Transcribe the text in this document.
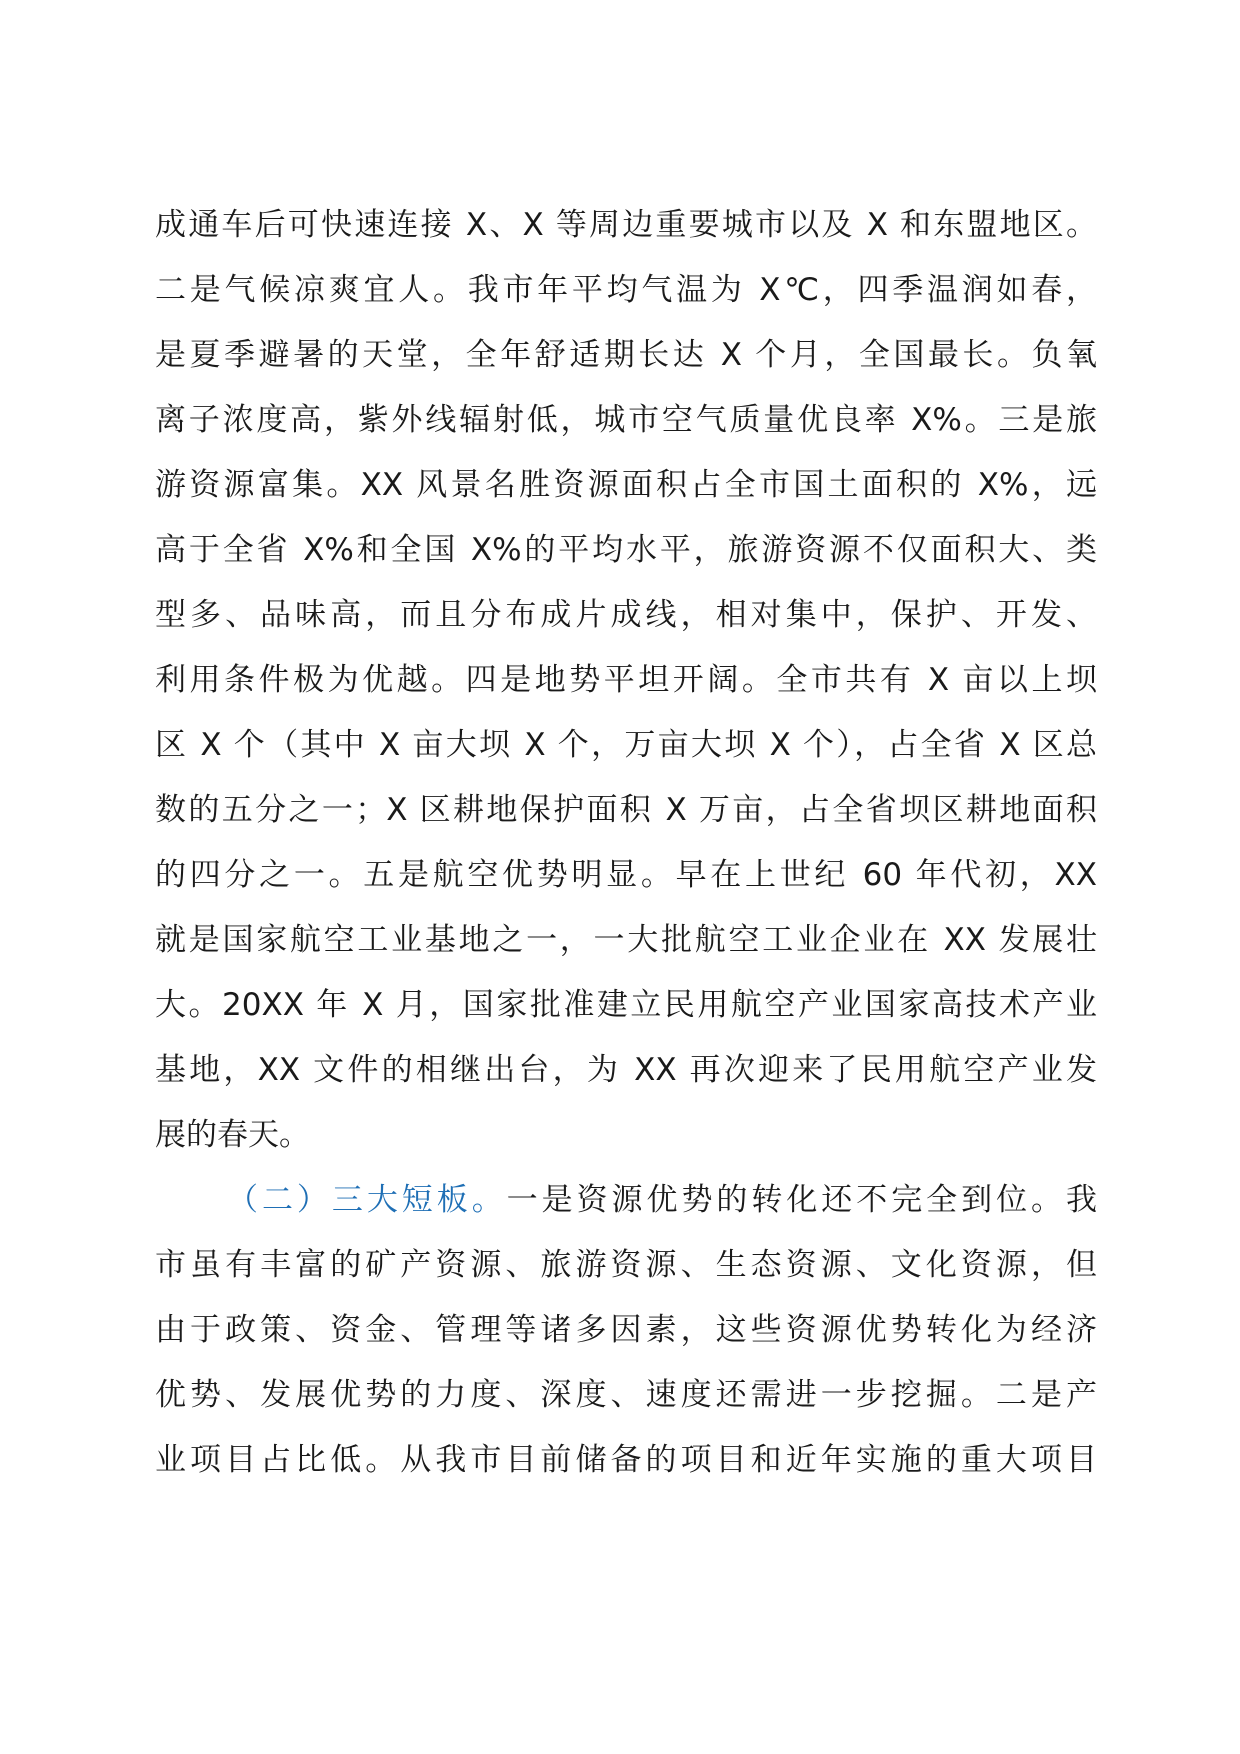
成通车后可快速连接 X、X 等周边重要城市以及 X 和东盟地区。
二是气候凉爽宜人。我市年平均气温为 X℃，四季温润如春，
是夏季避暑的天堂，全年舒适期长达 X 个月，全国最长。负氧
离子浓度高，紫外线辐射低，城市空气质量优良率 X%。三是旅
游资源富集。XX 风景名胜资源面积占全市国土面积的 X%，远
高于全省 X%和全国 X%的平均水平，旅游资源不仅面积大、类
型多、品味高，而且分布成片成线，相对集中，保护、开发、
利用条件极为优越。四是地势平坦开阔。全市共有 X 亩以上坝
区 X 个（其中 X 亩大坝 X 个，万亩大坝 X 个），占全省 X 区总
数的五分之一；X 区耕地保护面积 X 万亩，占全省坝区耕地面积
的四分之一。五是航空优势明显。早在上世纪 60 年代初，XX
就是国家航空工业基地之一，一大批航空工业企业在 XX 发展壮
大。20XX 年 X 月，国家批准建立民用航空产业国家高技术产业
基地，XX 文件的相继出台，为 XX 再次迎来了民用航空产业发
展的春天。
（二）三大短板。一是资源优势的转化还不完全到位。我
市虽有丰富的矿产资源、旅游资源、生态资源、文化资源，但
由于政策、资金、管理等诸多因素，这些资源优势转化为经济
优势、发展优势的力度、深度、速度还需进一步挖掘。二是产
业项目占比低。从我市目前储备的项目和近年实施的重大项目
